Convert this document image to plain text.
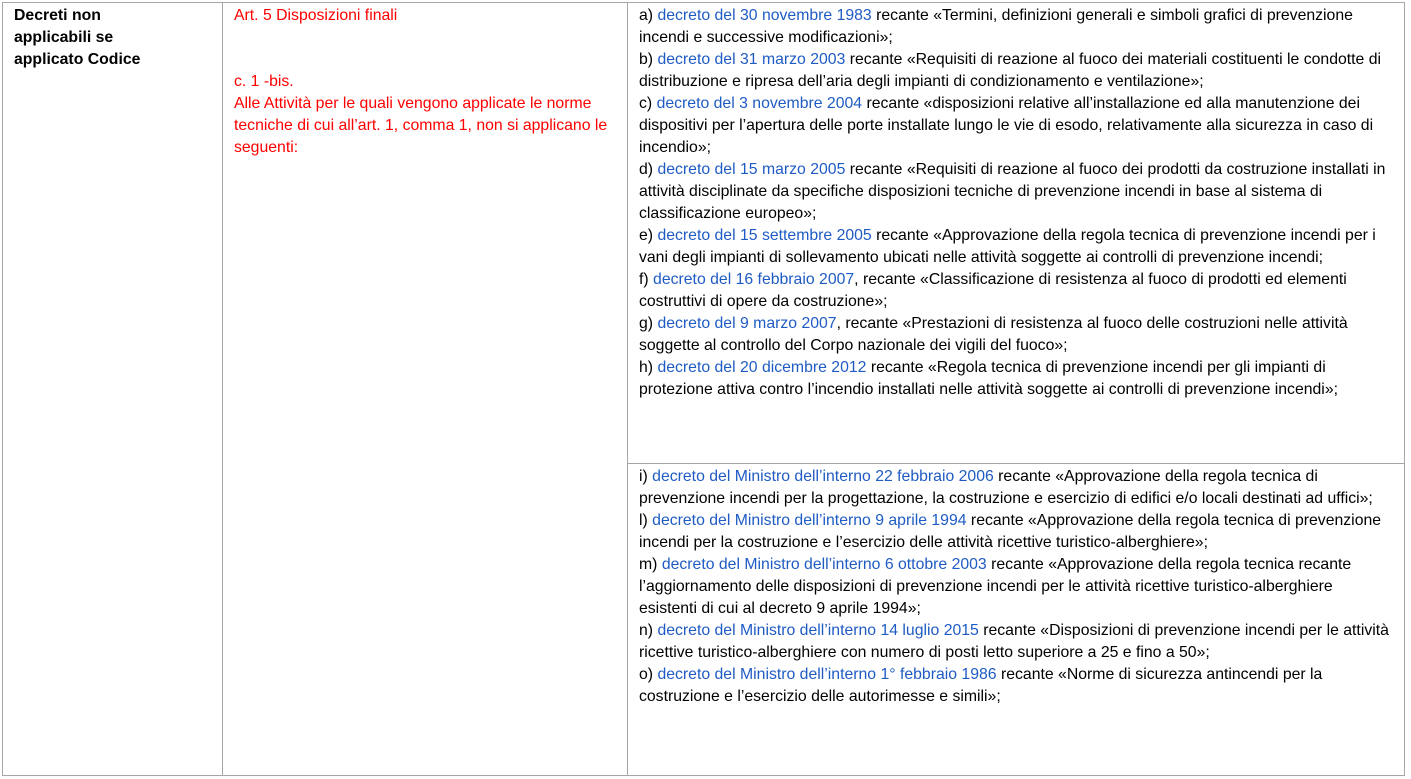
Decreti non applicabili se applicato Codice
Art. 5 Disposizioni finali
c. 1 -bis.
Alle Attività per le quali vengono applicate le norme tecniche di cui all’art. 1, comma 1, non si applicano le seguenti:
a) decreto del 30 novembre 1983 recante «Termini, definizioni generali e simboli grafici di prevenzione incendi e successive modificazioni»;
b) decreto del 31 marzo 2003 recante «Requisiti di reazione al fuoco dei materiali costituenti le condotte di distribuzione e ripresa dell’aria degli impianti di condizionamento e ventilazione»;
c) decreto del 3 novembre 2004 recante «disposizioni relative all’installazione ed alla manutenzione dei dispositivi per l’apertura delle porte installate lungo le vie di esodo, relativamente alla sicurezza in caso di incendio»;
d) decreto del 15 marzo 2005 recante «Requisiti di reazione al fuoco dei prodotti da costruzione installati in attività disciplinate da specifiche disposizioni tecniche di prevenzione incendi in base al sistema di classificazione europeo»;
e) decreto del 15 settembre 2005 recante «Approvazione della regola tecnica di prevenzione incendi per i vani degli impianti di sollevamento ubicati nelle attività soggette ai controlli di prevenzione incendi;
f) decreto del 16 febbraio 2007, recante «Classificazione di resistenza al fuoco di prodotti ed elementi costruttivi di opere da costruzione»;
g) decreto del 9 marzo 2007, recante «Prestazioni di resistenza al fuoco delle costruzioni nelle attività soggette al controllo del Corpo nazionale dei vigili del fuoco»;
h) decreto del 20 dicembre 2012 recante «Regola tecnica di prevenzione incendi per gli impianti di protezione attiva contro l’incendio installati nelle attività soggette ai controlli di prevenzione incendi»;
i) decreto del Ministro dell’interno 22 febbraio 2006 recante «Approvazione della regola tecnica di prevenzione incendi per la progettazione, la costruzione e esercizio di edifici e/o locali destinati ad uffici»;
l) decreto del Ministro dell’interno 9 aprile 1994 recante «Approvazione della regola tecnica di prevenzione incendi per la costruzione e l’esercizio delle attività ricettive turistico-alberghiere»;
m) decreto del Ministro dell’interno 6 ottobre 2003 recante «Approvazione della regola tecnica recante l’aggiornamento delle disposizioni di prevenzione incendi per le attività ricettive turistico-alberghiere esistenti di cui al decreto 9 aprile 1994»;
n) decreto del Ministro dell’interno 14 luglio 2015 recante «Disposizioni di prevenzione incendi per le attività ricettive turistico-alberghiere con numero di posti letto superiore a 25 e fino a 50»;
o) decreto del Ministro dell’interno 1° febbraio 1986 recante «Norme di sicurezza antincendi per la costruzione e l’esercizio delle autorimesse e simili»;
